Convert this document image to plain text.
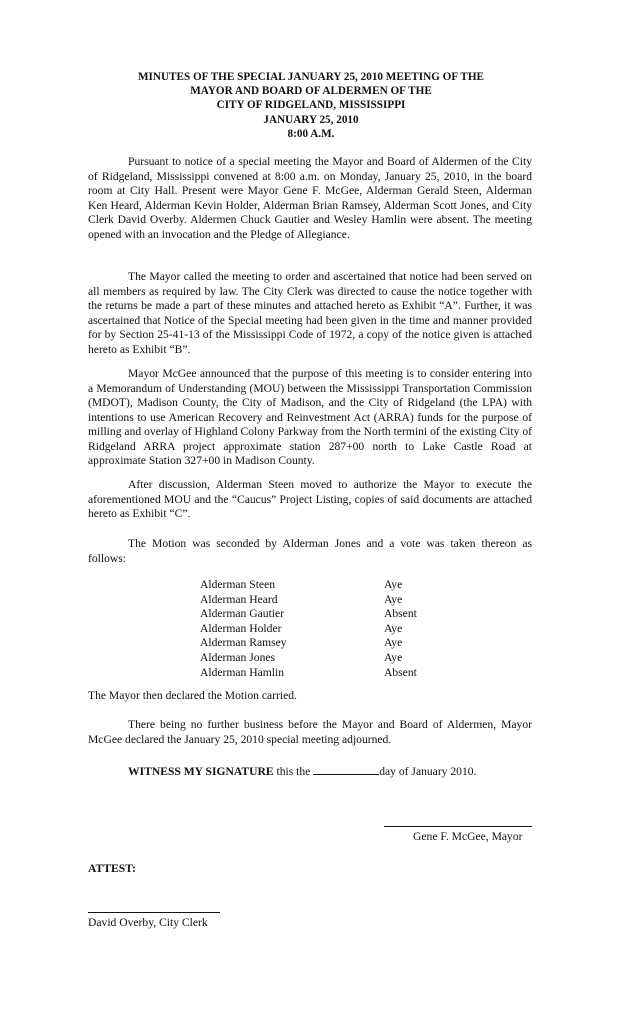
MINUTES OF THE SPECIAL JANUARY 25, 2010 MEETING OF THE
MAYOR AND BOARD OF ALDERMEN OF THE
CITY OF RIDGELAND, MISSISSIPPI
JANUARY 25, 2010
8:00 A.M.

Pursuant to notice of a special meeting the Mayor and Board of Aldermen of the City of Ridgeland, Mississippi convened at 8:00 a.m. on Monday, January 25, 2010, in the board room at City Hall. Present were Mayor Gene F. McGee, Alderman Gerald Steen, Alderman Ken Heard, Alderman Kevin Holder, Alderman Brian Ramsey, Alderman Scott Jones, and City Clerk David Overby. Aldermen Chuck Gautier and Wesley Hamlin were absent. The meeting opened with an invocation and the Pledge of Allegiance.

The Mayor called the meeting to order and ascertained that notice had been served on all members as required by law. The City Clerk was directed to cause the notice together with the returns be made a part of these minutes and attached hereto as Exhibit “A”. Further, it was ascertained that Notice of the Special meeting had been given in the time and manner provided for by Section 25-41-13 of the Mississippi Code of 1972, a copy of the notice given is attached hereto as Exhibit “B”.

Mayor McGee announced that the purpose of this meeting is to consider entering into a Memorandum of Understanding (MOU) between the Mississippi Transportation Commission (MDOT), Madison County, the City of Madison, and the City of Ridgeland (the LPA) with intentions to use American Recovery and Reinvestment Act (ARRA) funds for the purpose of milling and overlay of Highland Colony Parkway from the North termini of the existing City of Ridgeland ARRA project approximate station 287+00 north to Lake Castle Road at approximate Station 327+00 in Madison County.

After discussion, Alderman Steen moved to authorize the Mayor to execute the aforementioned MOU and the “Caucus” Project Listing, copies of said documents are attached hereto as Exhibit “C”.

The Motion was seconded by Alderman Jones and a vote was taken thereon as follows:

Alderman Steen	Aye
Alderman Heard	Aye
Alderman Gautier	Absent
Alderman Holder	Aye
Alderman Ramsey	Aye
Alderman Jones	Aye
Alderman Hamlin	Absent
The Mayor then declared the Motion carried.

There being no further business before the Mayor and Board of Aldermen, Mayor McGee declared the January 25, 2010 special meeting adjourned.

WITNESS MY SIGNATURE this the	day of January 2010.
Gene F. McGee, Mayor
ATTEST:
David Overby, City Clerk
